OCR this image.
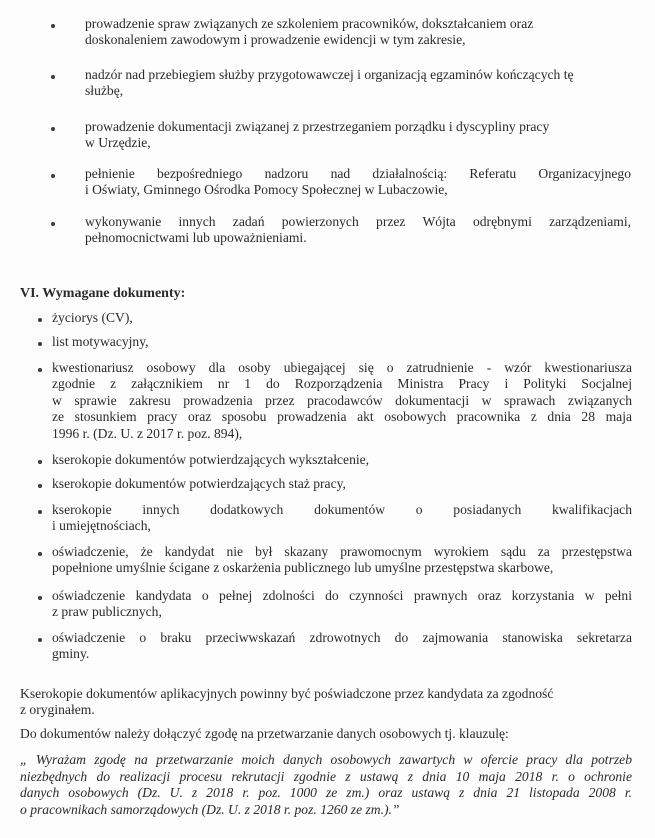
prowadzenie spraw związanych ze szkoleniem pracowników, dokształcaniem oraz
doskonaleniem zawodowym i prowadzenie ewidencji w tym zakresie,
nadzór nad przebiegiem służby przygotowawczej i organizacją egzaminów kończących tę
służbę,
prowadzenie dokumentacji związanej z przestrzeganiem porządku i dyscypliny pracy
w Urzędzie,
pełnienie bezpośredniego nadzoru nad działalnością: Referatu Organizacyjnego
i Oświaty, Gminnego Ośrodka Pomocy Społecznej w Lubaczowie,
wykonywanie innych zadań powierzonych przez Wójta odrębnymi zarządzeniami,
pełnomocnictwami lub upoważnieniami.
VI. Wymagane dokumenty:
życiorys (CV),
list motywacyjny,
kwestionariusz osobowy dla osoby ubiegającej się o zatrudnienie - wzór kwestionariusza
zgodnie z załącznikiem nr 1 do Rozporządzenia Ministra Pracy i Polityki Socjalnej
w sprawie zakresu prowadzenia przez pracodawców dokumentacji w sprawach związanych
ze stosunkiem pracy oraz sposobu prowadzenia akt osobowych pracownika z dnia 28 maja
1996 r. (Dz. U. z 2017 r. poz. 894),
kserokopie dokumentów potwierdzających wykształcenie,
kserokopie dokumentów potwierdzających staż pracy,
kserokopie innych dodatkowych dokumentów o posiadanych kwalifikacjach
i umiejętnościach,
oświadczenie, że kandydat nie był skazany prawomocnym wyrokiem sądu za przestępstwa
popełnione umyślnie ścigane z oskarżenia publicznego lub umyślne przestępstwa skarbowe,
oświadczenie kandydata o pełnej zdolności do czynności prawnych oraz korzystania w pełni
z praw publicznych,
oświadczenie o braku przeciwwskazań zdrowotnych do zajmowania stanowiska sekretarza
gminy.
Kserokopie dokumentów aplikacyjnych powinny być poświadczone przez kandydata za zgodność
z oryginałem.
Do dokumentów należy dołączyć zgodę na przetwarzanie danych osobowych tj. klauzulę:
„ Wyrażam zgodę na przetwarzanie moich danych osobowych zawartych w ofercie pracy dla potrzeb
niezbędnych do realizacji procesu rekrutacji zgodnie z ustawą z dnia 10 maja 2018 r. o ochronie
danych osobowych (Dz. U. z 2018 r. poz. 1000 ze zm.) oraz ustawą z dnia 21 listopada 2008 r.
o pracownikach samorządowych (Dz. U. z 2018 r. poz. 1260 ze zm.).”
